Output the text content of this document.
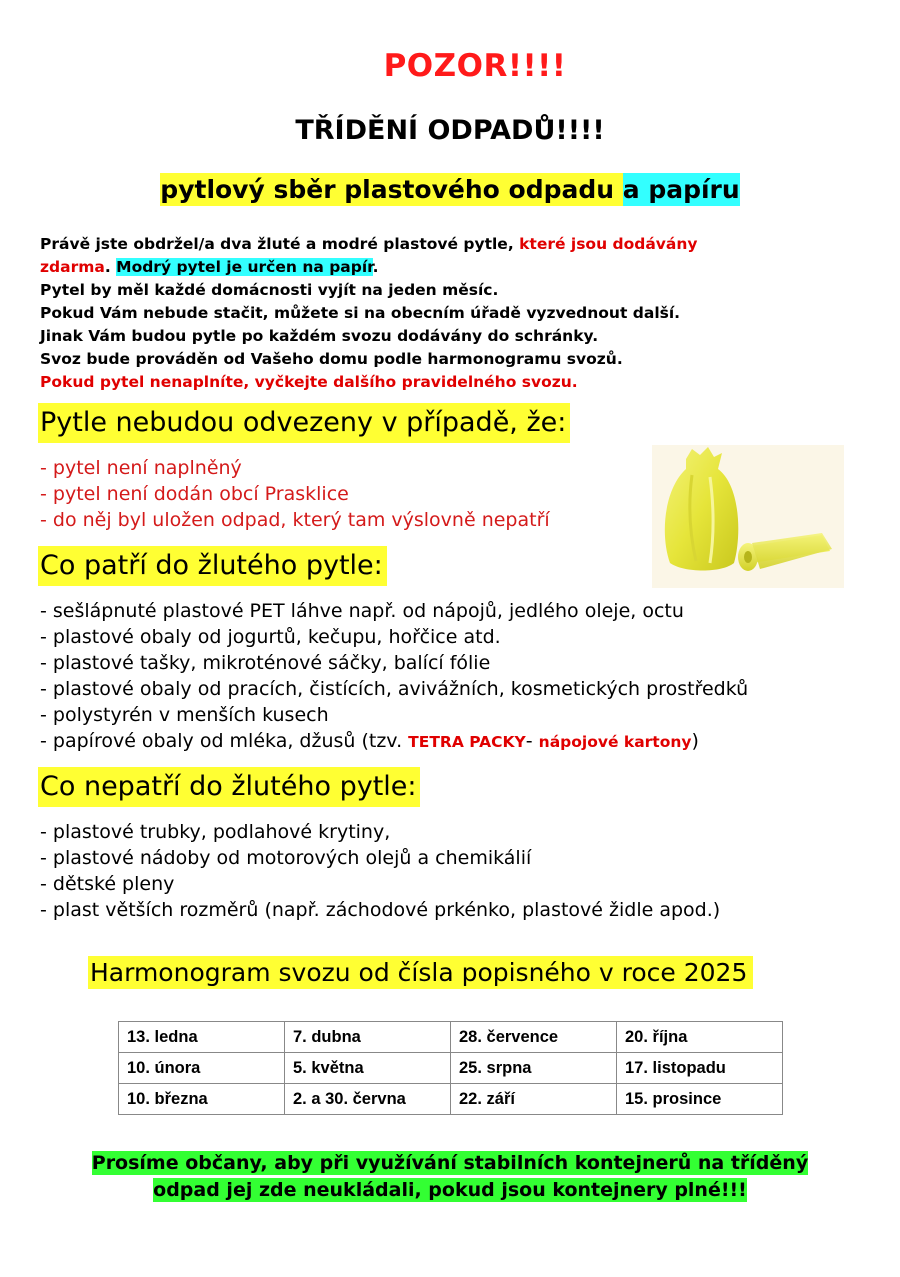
POZOR!!!!
TŘÍDĚNÍ ODPADŮ!!!!
pytlový sběr plastového odpadu a papíru

Právě jste obdržel/a dva žluté a modré plastové pytle, které jsou dodávány

zdarma. Modrý pytel je určen na papír.

Pytel by měl každé domácnosti vyjít na jeden měsíc.

Pokud Vám nebude stačit, můžete si na obecním úřadě vyzvednout další.

Jinak Vám budou pytle po každém svozu dodávány do schránky.

Svoz bude prováděn od Vašeho domu podle harmonogramu svozů.

Pokud pytel nenaplníte, vyčkejte dalšího pravidelného svozu.

Pytle nebudou odvezeny v případě, že:
- pytel není naplněný
- pytel není dodán obcí Prasklice
- do něj byl uložen odpad, který tam výslovně nepatří
Co patří do žlutého pytle:
- sešlápnuté plastové PET láhve např. od nápojů, jedlého oleje, octu
- plastové obaly od jogurtů, kečupu, hořčice atd.
- plastové tašky, mikroténové sáčky, balící fólie
- plastové obaly od pracích, čistících, avivážních, kosmetických prostředků
- polystyrén v menších kusech
- papírové obaly od mléka, džusů (tzv. TETRA PACKY- nápojové kartony)
Co nepatří do žlutého pytle:
- plastové trubky, podlahové krytiny,
- plastové nádoby od motorových olejů a chemikálií
- dětské pleny
- plast větších rozměrů (např. záchodové prkénko, plastové židle apod.)
Harmonogram svozu od čísla popisného v roce 2025
13. ledna	7. dubna	28. července	20. října
10. února	5. května	25. srpna	17. listopadu
10. března	2. a 30. června	22. září	15. prosince
Prosíme občany, aby při využívání stabilních kontejnerů na tříděný
odpad jej zde neukládali, pokud jsou kontejnery plné!!!
